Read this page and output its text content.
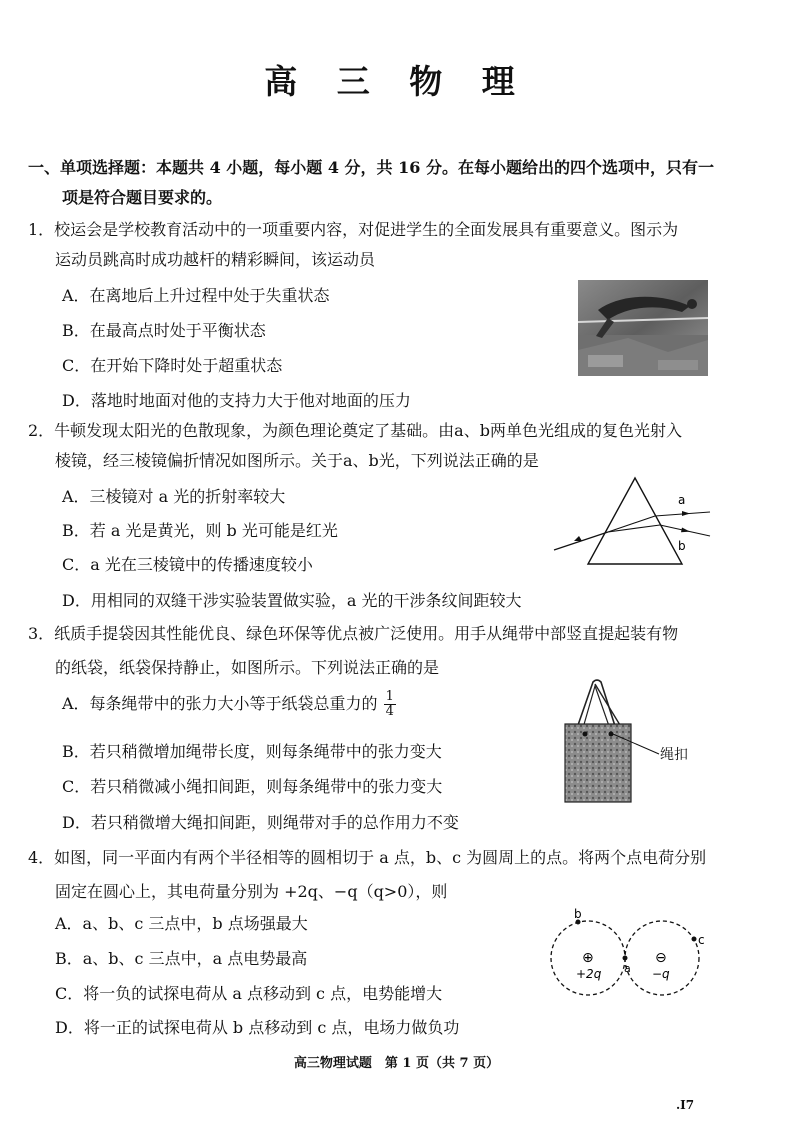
高 三 物 理
一、单项选择题：本题共 4 小题，每小题 4 分，共 16 分。在每小题给出的四个选项中，只有一
项是符合题目要求的。
1．校运会是学校教育活动中的一项重要内容，对促进学生的全面发展具有重要意义。图示为
运动员跳高时成功越杆的精彩瞬间，该运动员
A．在离地后上升过程中处于失重状态
B．在最高点时处于平衡状态
C．在开始下降时处于超重状态
D．落地时地面对他的支持力大于他对地面的压力
2．牛顿发现太阳光的色散现象，为颜色理论奠定了基础。由a、b两单色光组成的复色光射入
棱镜，经三棱镜偏折情况如图所示。关于a、b光，下列说法正确的是
A．三棱镜对 a 光的折射率较大
B．若 a 光是黄光，则 b 光可能是红光
C．a 光在三棱镜中的传播速度较小
D．用相同的双缝干涉实验装置做实验，a 光的干涉条纹间距较大
a
b
3．纸质手提袋因其性能优良、绿色环保等优点被广泛使用。用手从绳带中部竖直提起装有物
的纸袋，纸袋保持静止，如图所示。下列说法正确的是
A．每条绳带中的张力大小等于纸袋总重力的 $\frac{1}{4}$
B．若只稍微增加绳带长度，则每条绳带中的张力变大
C．若只稍微减小绳扣间距，则每条绳带中的张力变大
D．若只稍微增大绳扣间距，则绳带对手的总作用力不变
绳扣
4．如图，同一平面内有两个半径相等的圆相切于 a 点，b、c 为圆周上的点。将两个点电荷分别
固定在圆心上，其电荷量分别为 +2q、−q（q>0），则
A．a、b、c 三点中，b 点场强最大
B．a、b、c 三点中，a 点电势最高
C．将一负的试探电荷从 a 点移动到 c 点，电势能增大
D．将一正的试探电荷从 b 点移动到 c 点，电场力做负功
b
c
a
⊕
+2q
⊖
−q
高三物理试题　第 1 页（共 7 页）
.I7
